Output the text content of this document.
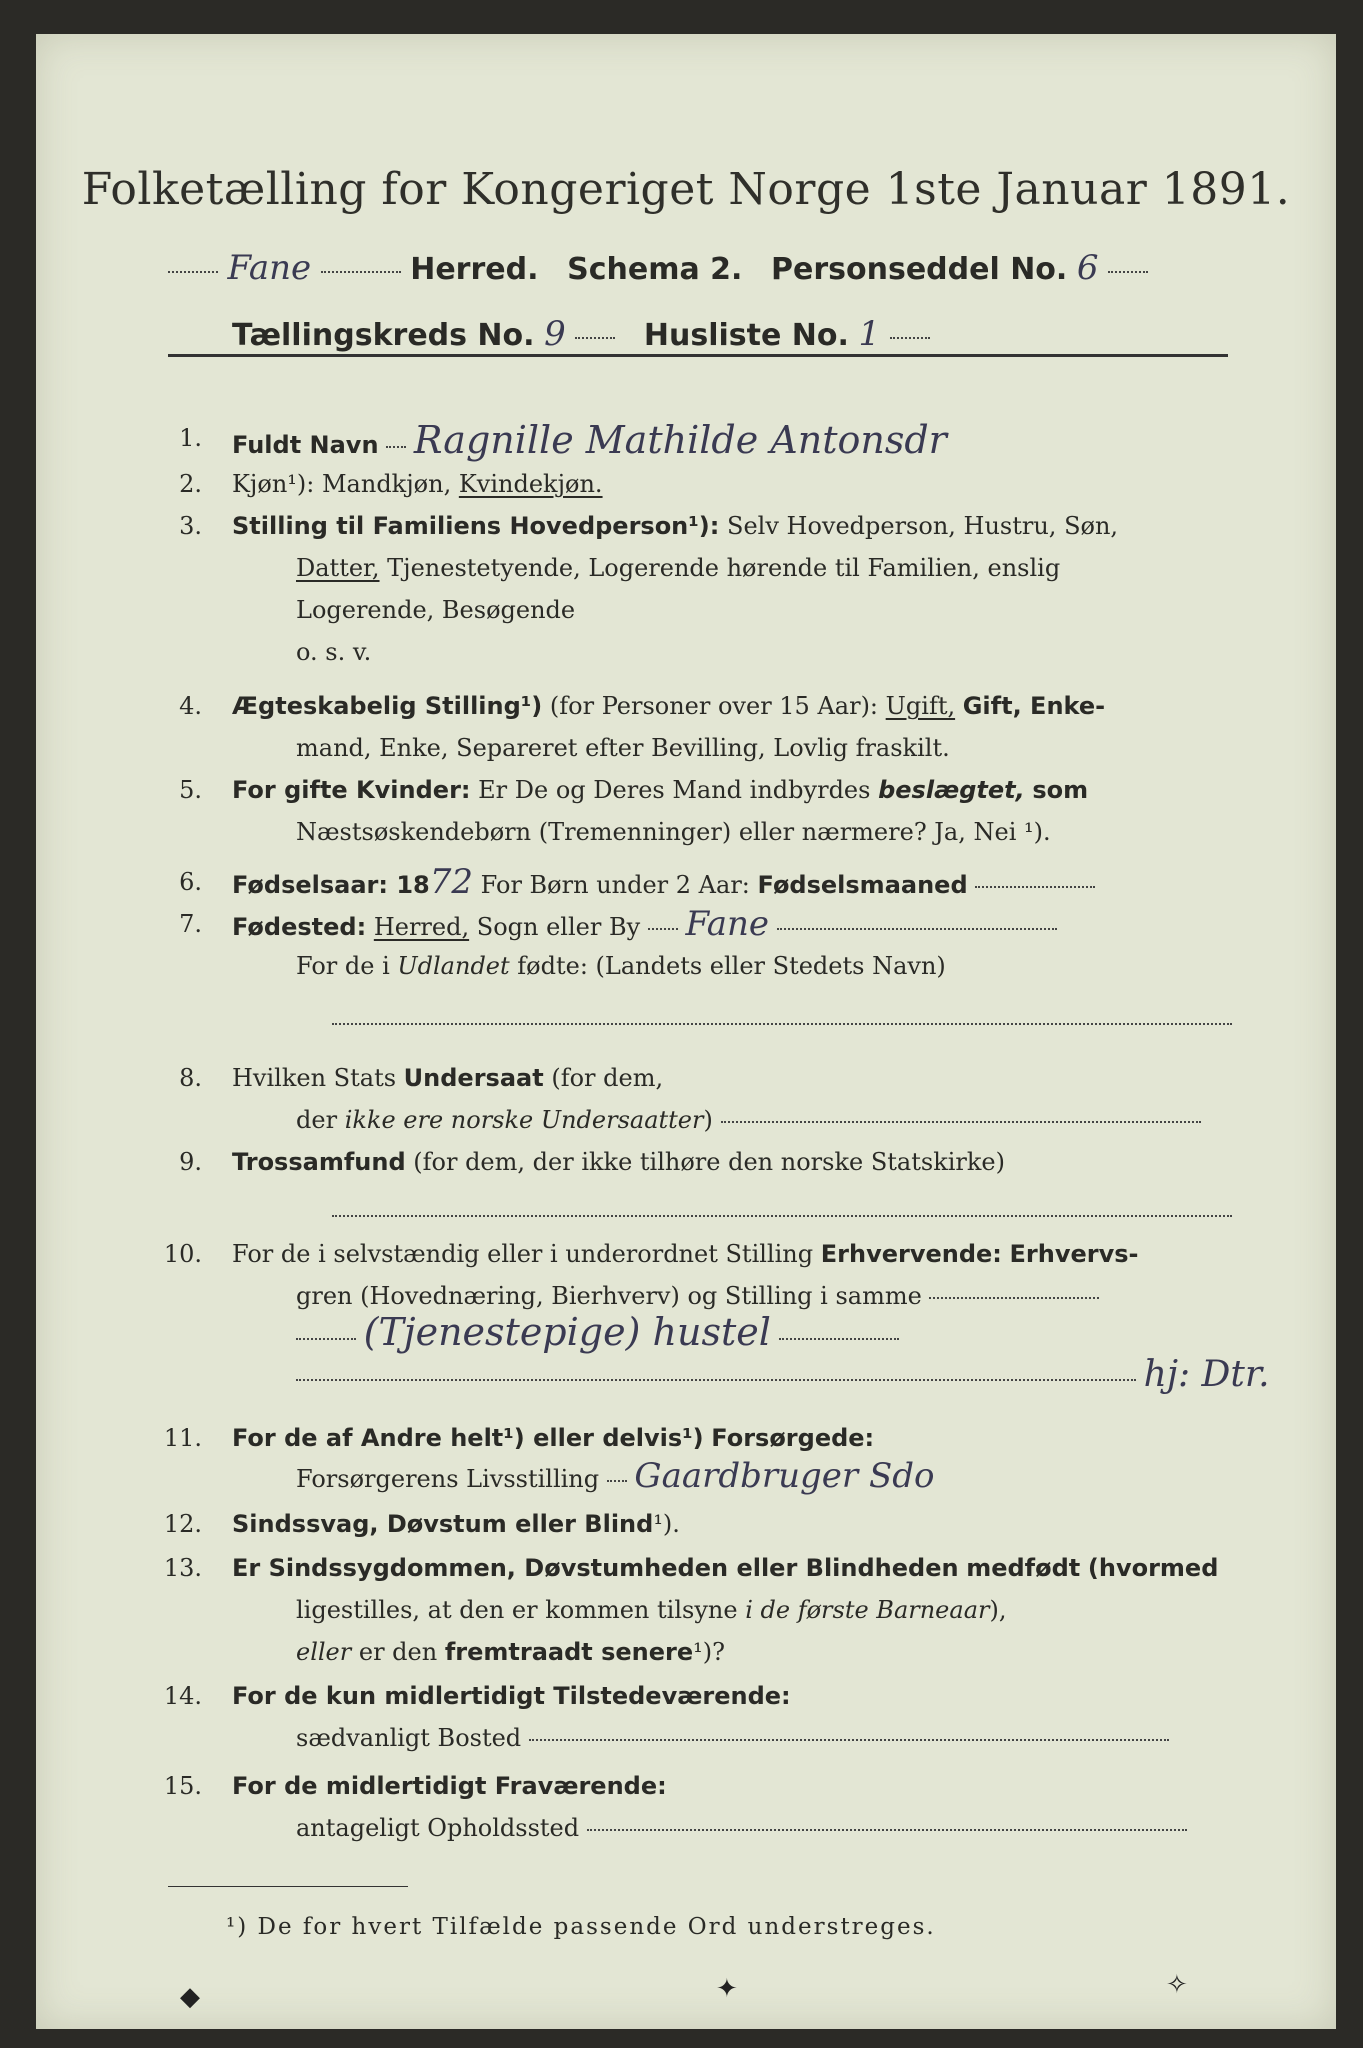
Folketælling for Kongeriget Norge 1ste Januar 1891.
Fane	Herred. Schema 2. Personseddel No. 6
Tællingskreds No. 9	Husliste No. 1
1. Fuldt Navn Ragnille Mathilde Antonsdr
2. Kjøn¹): Mandkjøn, Kvindekjøn.
3. Stilling til Familiens Hovedperson¹): Selv Hovedperson, Hustru, Søn,
Datter, Tjenestetyende, Logerende hørende til Familien, enslig
Logerende, Besøgende
o. s. v.
4. Ægteskabelig Stilling¹) (for Personer over 15 Aar): Ugift, Gift, Enke-
mand, Enke, Separeret efter Bevilling, Lovlig fraskilt.
5. For gifte Kvinder: Er De og Deres Mand indbyrdes beslægtet, som
Næstsøskendebørn (Tremenninger) eller nærmere? Ja, Nei ¹).
6. Fødselsaar: 1872 For Børn under 2 Aar: Fødselsmaaned
7. Fødested: Herred, Sogn eller By Fane
For de i Udlandet fødte: (Landets eller Stedets Navn)
8. Hvilken Stats Undersaat (for dem,
der ikke ere norske Undersaatter)
9. Trossamfund (for dem, der ikke tilhøre den norske Statskirke)
10. For de i selvstændig eller i underordnet Stilling Erhvervende: Erhvervs-
gren (Hovednæring, Bierhverv) og Stilling i samme
(Tjenestepige) hustel
hj: Dtr.
11. For de af Andre helt¹) eller delvis¹) Forsørgede:
Forsørgerens Livsstilling Gaardbruger Sdo
12. Sindssvag, Døvstum eller Blind¹).
13. Er Sindssygdommen, Døvstumheden eller Blindheden medfødt (hvormed
ligestilles, at den er kommen tilsyne i de første Barneaar),
eller er den fremtraadt senere¹)?
14. For de kun midlertidigt Tilstedeværende:
sædvanligt Bosted
15. For de midlertidigt Fraværende:
antageligt Opholdssted
¹) De for hvert Tilfælde passende Ord understreges.
◆	✦	✧
